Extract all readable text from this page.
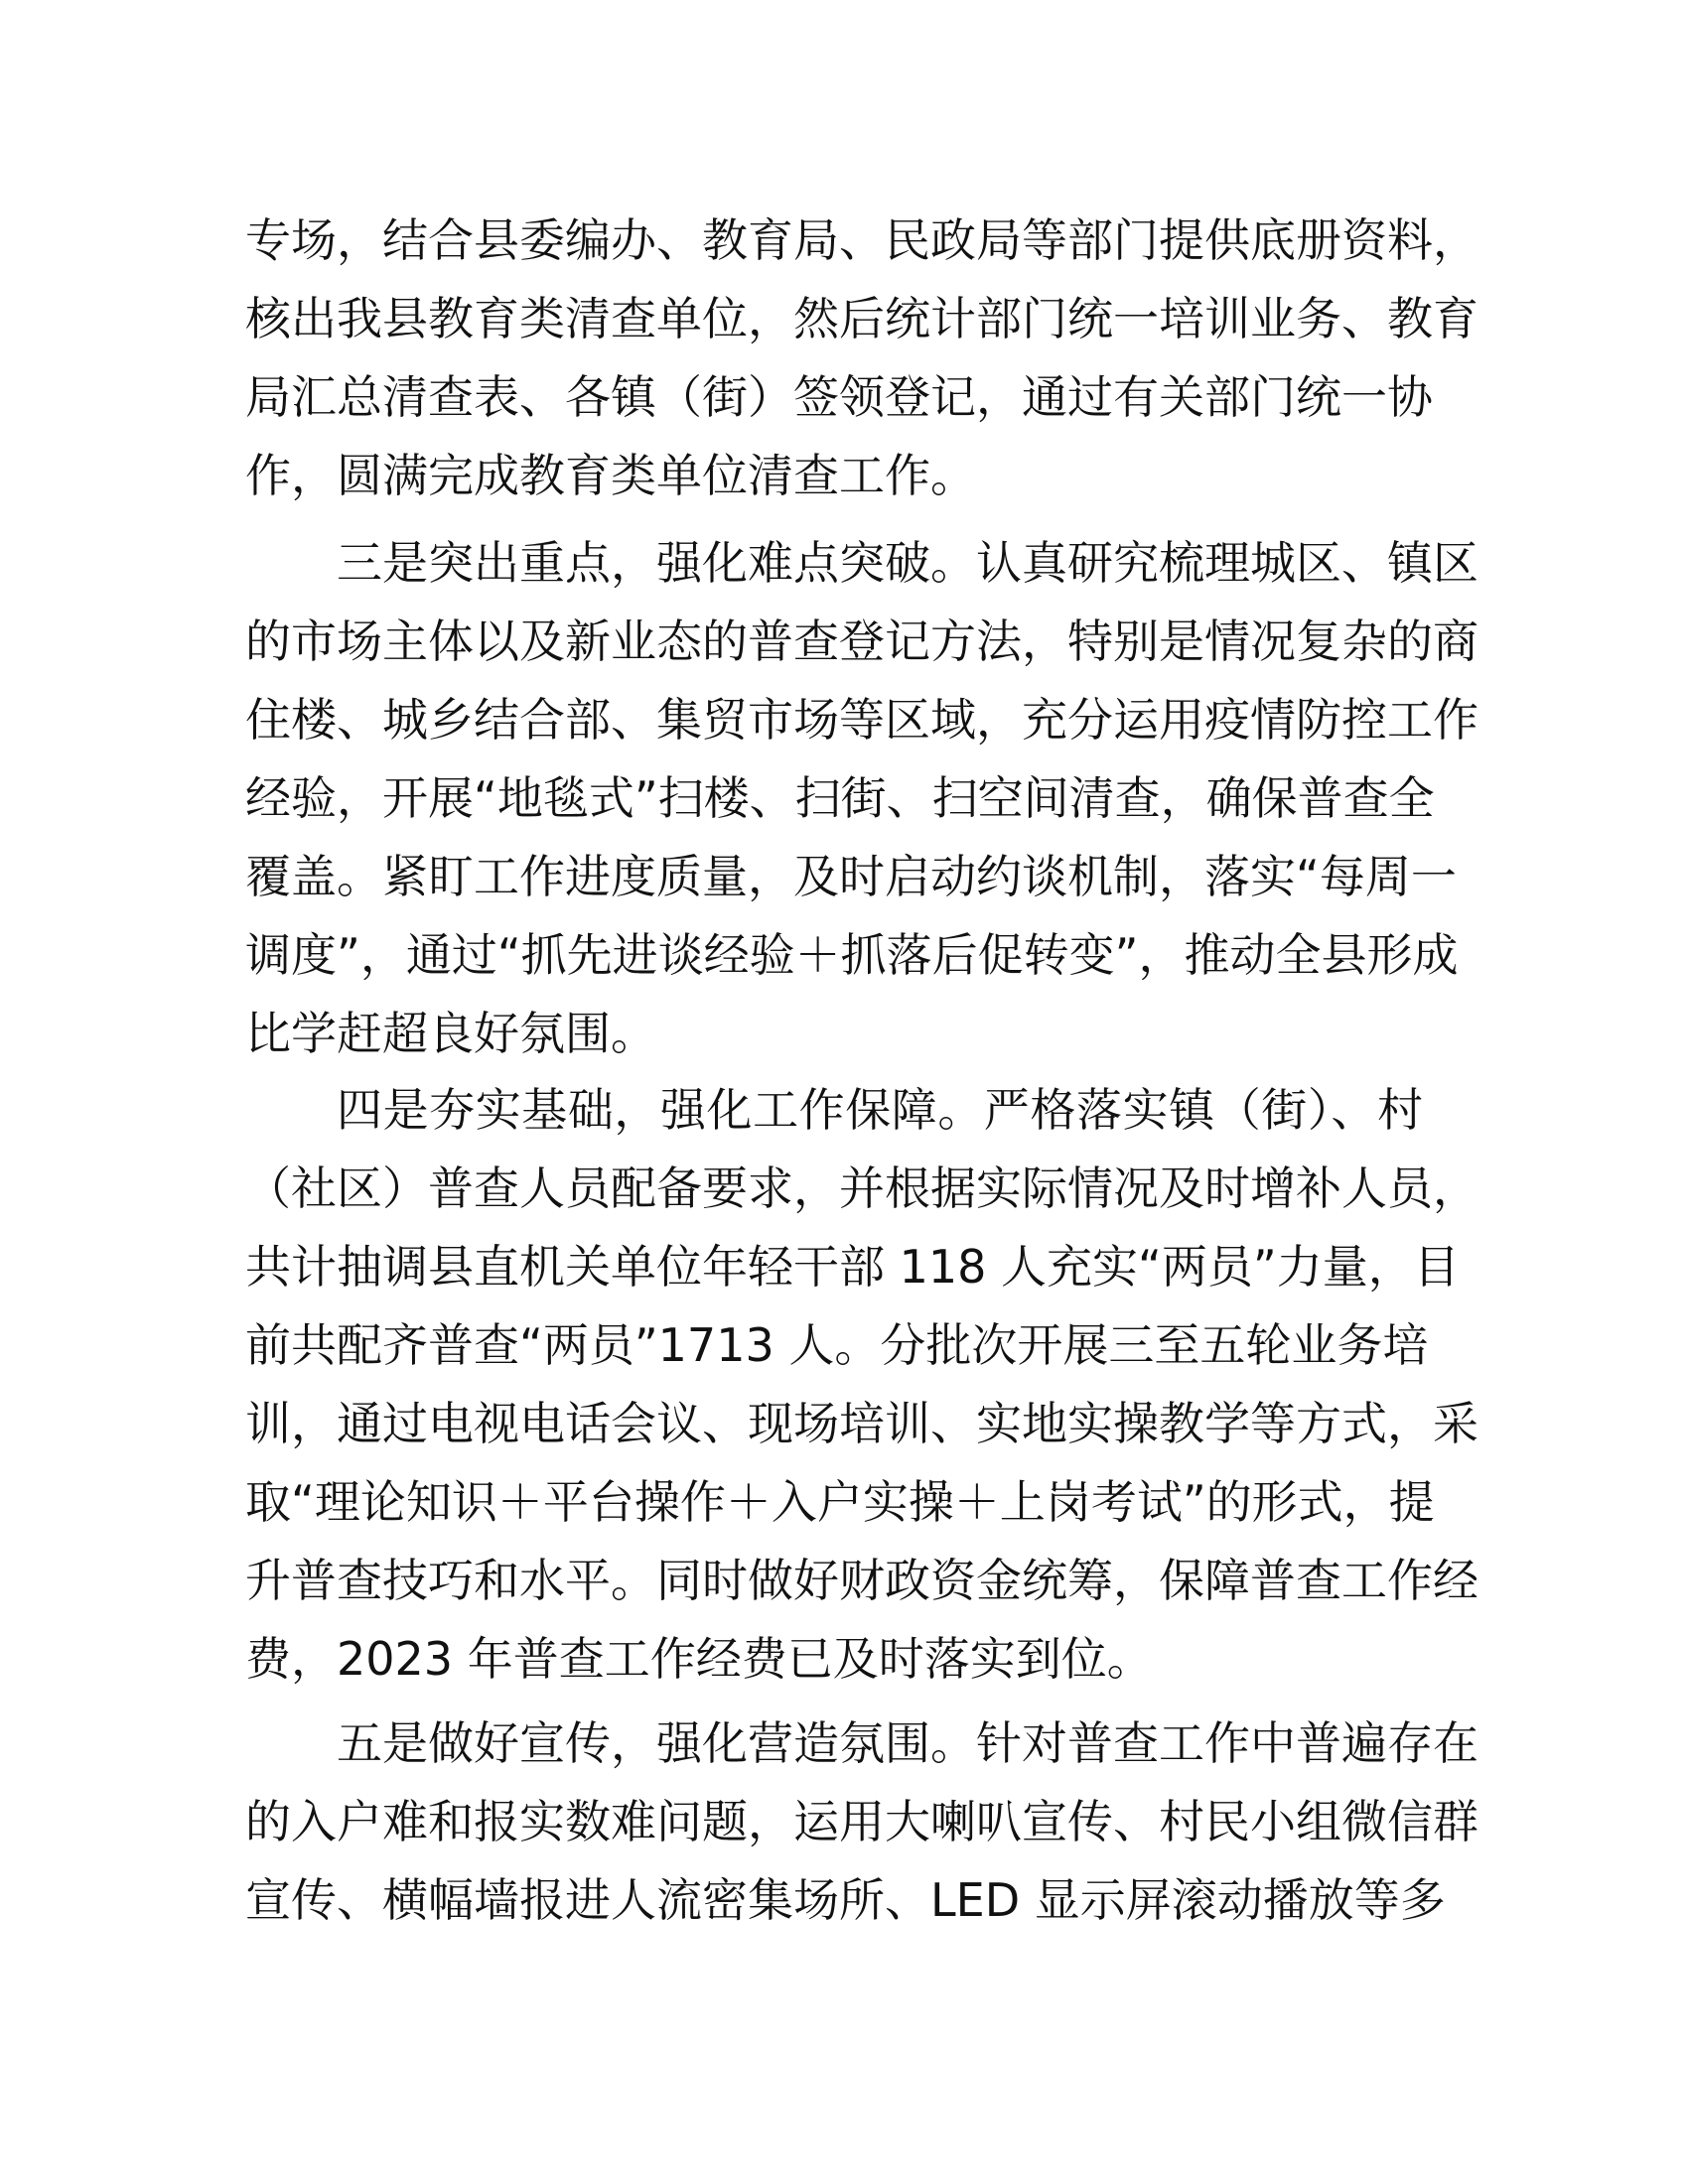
专场，结合县委编办、教育局、民政局等部门提供底册资料，
核出我县教育类清查单位，然后统计部门统一培训业务、教育
局汇总清查表、各镇（街）签领登记，通过有关部门统一协
作，圆满完成教育类单位清查工作。
三是突出重点，强化难点突破。认真研究梳理城区、镇区
的市场主体以及新业态的普查登记方法，特别是情况复杂的商
住楼、城乡结合部、集贸市场等区域，充分运用疫情防控工作
经验，开展“地毯式”扫楼、扫街、扫空间清查，确保普查全
覆盖。紧盯工作进度质量，及时启动约谈机制，落实“每周一
调度”，通过“抓先进谈经验＋抓落后促转变”，推动全县形成
比学赶超良好氛围。
四是夯实基础，强化工作保障。严格落实镇（街）、村
（社区）普查人员配备要求，并根据实际情况及时增补人员，
共计抽调县直机关单位年轻干部 118 人充实“两员”力量，目
前共配齐普查“两员”1713 人。分批次开展三至五轮业务培
训，通过电视电话会议、现场培训、实地实操教学等方式，采
取“理论知识＋平台操作＋入户实操＋上岗考试”的形式，提
升普查技巧和水平。同时做好财政资金统筹，保障普查工作经
费，2023 年普查工作经费已及时落实到位。
五是做好宣传，强化营造氛围。针对普查工作中普遍存在
的入户难和报实数难问题，运用大喇叭宣传、村民小组微信群
宣传、横幅墙报进人流密集场所、LED 显示屏滚动播放等多
